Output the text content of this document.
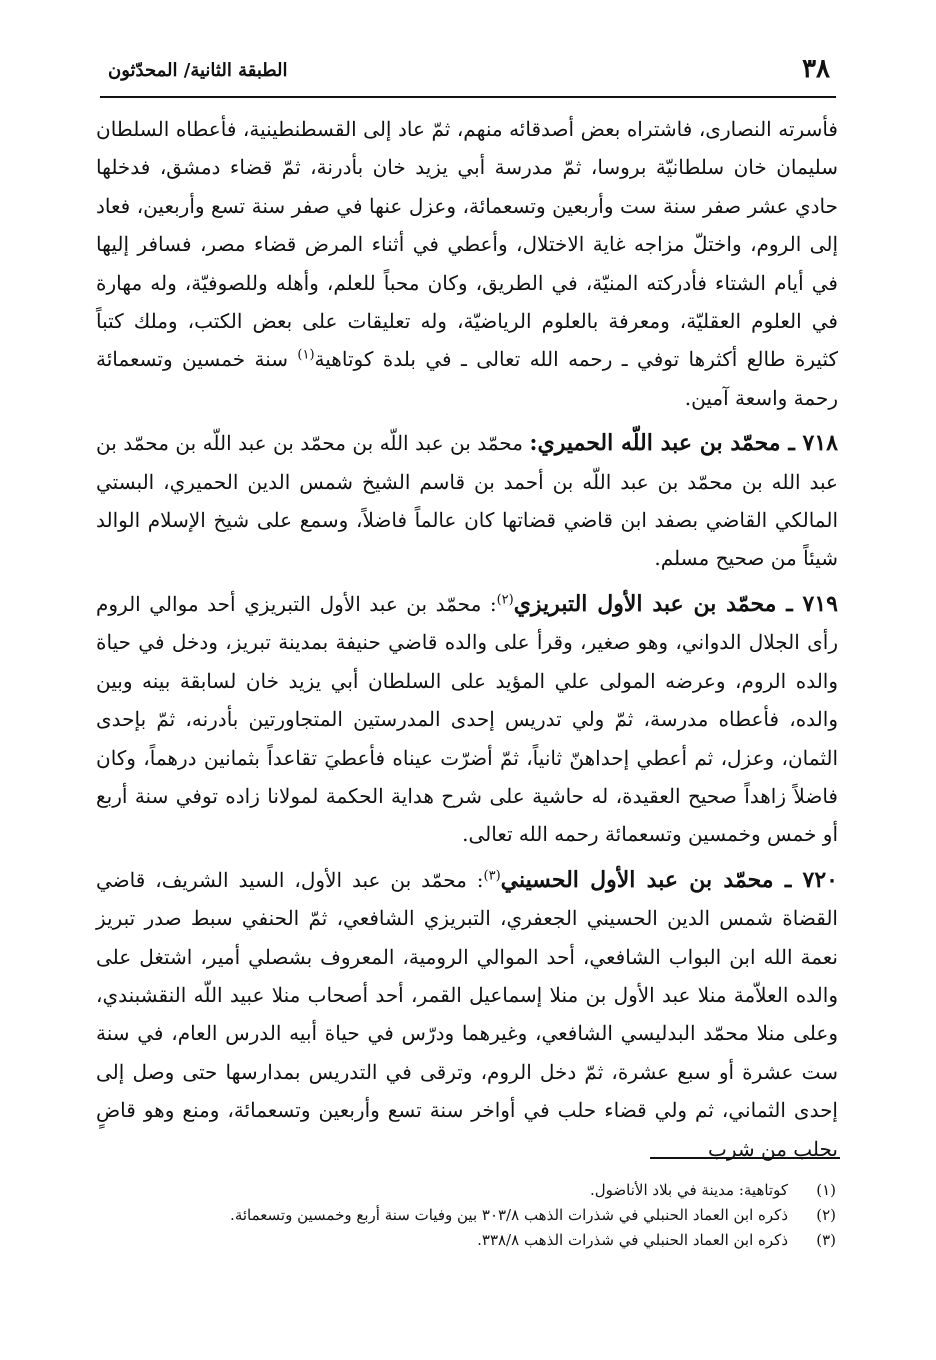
٣٨
الطبقة الثانية/ المحدّثون

فأسرته النصارى، فاشتراه بعض أصدقائه منهم، ثمّ عاد إلى القسطنطينية، فأعطاه السلطان سليمان خان سلطانيّة بروسا، ثمّ مدرسة أبي يزيد خان بأدرنة، ثمّ قضاء دمشق، فدخلها حادي عشر صفر سنة ست وأربعين وتسعمائة، وعزل عنها في صفر سنة تسع وأربعين، فعاد إلى الروم، واختلّ مزاجه غاية الاختلال، وأعطي في أثناء المرض قضاء مصر، فسافر إليها في أيام الشتاء فأدركته المنيّة، في الطريق، وكان محباً للعلم، وأهله وللصوفيّة، وله مهارة في العلوم العقليّة، ومعرفة بالعلوم الرياضيّة، وله تعليقات على بعض الكتب، وملك كتباً كثيرة طالع أكثرها توفي ـ رحمه الله تعالى ـ في بلدة كوتاهية$^{(١)}$ سنة خمسين وتسعمائة رحمة واسعة آمين.

٧١٨ ـ محمّد بن عبد اللّه الحميري: محمّد بن عبد اللّه بن محمّد بن عبد اللّه بن محمّد بن عبد الله بن محمّد بن عبد اللّه بن أحمد بن قاسم الشيخ شمس الدين الحميري، البستي المالكي القاضي بصفد ابن قاضي قضاتها كان عالماً فاضلاً، وسمع على شيخ الإسلام الوالد شيئاً من صحيح مسلم.

٧١٩ ـ محمّد بن عبد الأول التبريزي$^{(٢)}$: محمّد بن عبد الأول التبريزي أحد موالي الروم رأى الجلال الدواني، وهو صغير، وقرأ على والده قاضي حنيفة بمدينة تبريز، ودخل في حياة والده الروم، وعرضه المولى علي المؤيد على السلطان أبي يزيد خان لسابقة بينه وبين والده، فأعطاه مدرسة، ثمّ ولي تدريس إحدى المدرستين المتجاورتين بأدرنه، ثمّ بإحدى الثمان، وعزل، ثم أعطي إحداهنّ ثانياً، ثمّ أضرّت عيناه فأعطيَ تقاعداً بثمانين درهماً، وكان فاضلاً زاهداً صحيح العقيدة، له حاشية على شرح هداية الحكمة لمولانا زاده توفي سنة أربع أو خمس وخمسين وتسعمائة رحمه الله تعالى.

٧٢٠ ـ محمّد بن عبد الأول الحسيني$^{(٣)}$: محمّد بن عبد الأول، السيد الشريف، قاضي القضاة شمس الدين الحسيني الجعفري، التبريزي الشافعي، ثمّ الحنفي سبط صدر تبريز نعمة الله ابن البواب الشافعي، أحد الموالي الرومية، المعروف بشصلي أمير، اشتغل على والده العلاّمة منلا عبد الأول بن منلا إسماعيل القمر، أحد أصحاب منلا عبيد اللّه النقشبندي، وعلى منلا محمّد البدليسي الشافعي، وغيرهما ودرّس في حياة أبيه الدرس العام، في سنة ست عشرة أو سبع عشرة، ثمّ دخل الروم، وترقى في التدريس بمدارسها حتى وصل إلى إحدى الثماني، ثم ولي قضاء حلب في أواخر سنة تسع وأربعين وتسعمائة، ومنع وهو قاضٍ بحلب من شرب

(١)
كوتاهية: مدينة في بلاد الأناضول.
(٢)
ذكره ابن العماد الحنبلي في شذرات الذهب ٣٠٣/٨ بين وفيات سنة أربع وخمسين وتسعمائة.
(٣)
ذكره ابن العماد الحنبلي في شذرات الذهب ٣٣٨/٨.
